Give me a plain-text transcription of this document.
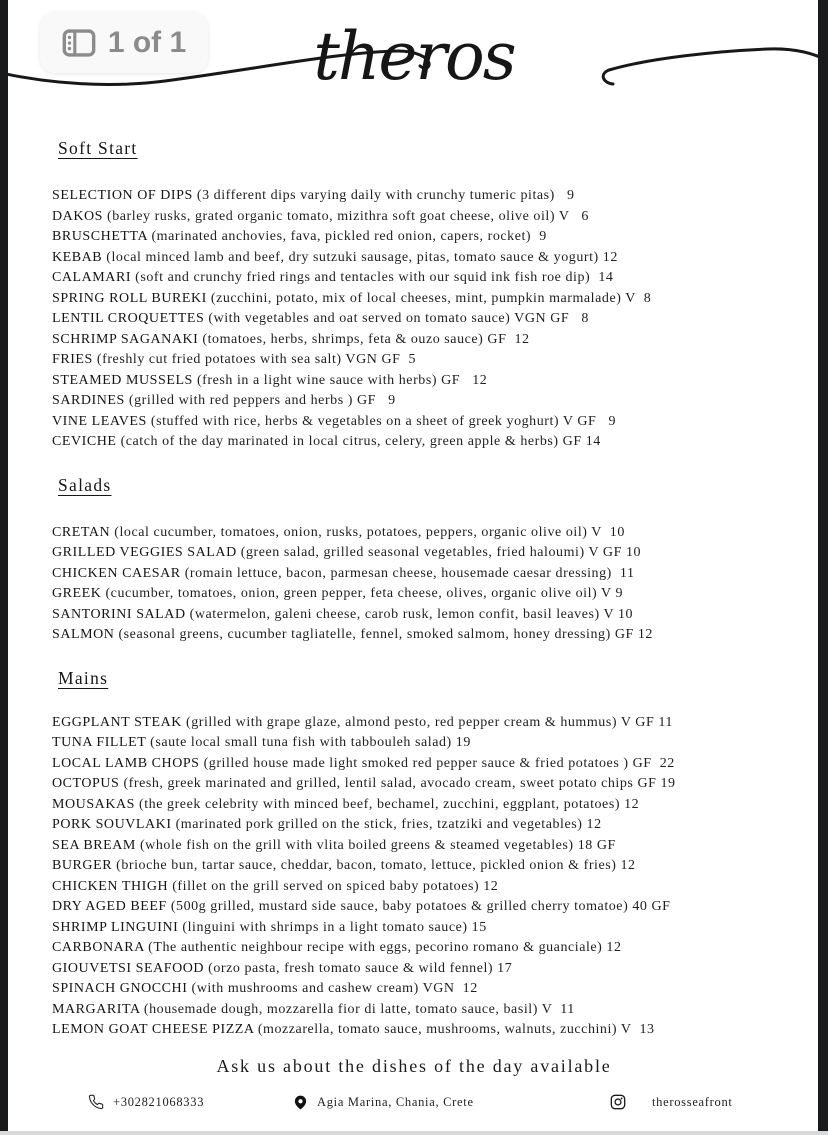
theros
1 of 1
Soft Start
SELECTION OF DIPS (3 different dips varying daily with crunchy tumeric pitas)   9
DAKOS (barley rusks, grated organic tomato, mizithra soft goat cheese, olive oil) V   6
BRUSCHETTA (marinated anchovies, fava, pickled red onion, capers, rocket)  9
KEBAB (local minced lamb and beef, dry sutzuki sausage, pitas, tomato sauce & yogurt) 12
CALAMARI (soft and crunchy fried rings and tentacles with our squid ink fish roe dip)  14
SPRING ROLL BUREKI (zucchini, potato, mix of local cheeses, mint, pumpkin marmalade) V  8
LENTIL CROQUETTES (with vegetables and oat served on tomato sauce) VGN GF   8
SCHRIMP SAGANAKI (tomatoes, herbs, shrimps, feta & ouzo sauce) GF  12
FRIES (freshly cut fried potatoes with sea salt) VGN GF  5
STEAMED MUSSELS (fresh in a light wine sauce with herbs) GF   12
SARDINES (grilled with red peppers and herbs ) GF   9
VINE LEAVES (stuffed with rice, herbs & vegetables on a sheet of greek yoghurt) V GF   9
CEVICHE (catch of the day marinated in local citrus, celery, green apple & herbs) GF 14
Salads
CRETAN (local cucumber, tomatoes, onion, rusks, potatoes, peppers, organic olive oil) V  10
GRILLED VEGGIES SALAD (green salad, grilled seasonal vegetables, fried haloumi) V GF 10
CHICKEN CAESAR (romain lettuce, bacon, parmesan cheese, housemade caesar dressing)  11
GREEK (cucumber, tomatoes, onion, green pepper, feta cheese, olives, organic olive oil) V 9
SANTORINI SALAD (watermelon, galeni cheese, carob rusk, lemon confit, basil leaves) V 10
SALMON (seasonal greens, cucumber tagliatelle, fennel, smoked salmom, honey dressing) GF 12
Mains
EGGPLANT STEAK (grilled with grape glaze, almond pesto, red pepper cream & hummus) V GF 11
TUNA FILLET (saute local small tuna fish with tabbouleh salad) 19
LOCAL LAMB CHOPS (grilled house made light smoked red pepper sauce & fried potatoes ) GF  22
OCTOPUS (fresh, greek marinated and grilled, lentil salad, avocado cream, sweet potato chips GF 19
MOUSAKAS (the greek celebrity with minced beef, bechamel, zucchini, eggplant, potatoes) 12
PORK SOUVLAKI (marinated pork grilled on the stick, fries, tzatziki and vegetables) 12
SEA BREAM (whole fish on the grill with vlita boiled greens & steamed vegetables) 18 GF
BURGER (brioche bun, tartar sauce, cheddar, bacon, tomato, lettuce, pickled onion & fries) 12
CHICKEN THIGH (fillet on the grill served on spiced baby potatoes) 12
DRY AGED BEEF (500g grilled, mustard side sauce, baby potatoes & grilled cherry tomatoe) 40 GF
SHRIMP LINGUINI (linguini with shrimps in a light tomato sauce) 15
CARBONARA (The authentic neighbour recipe with eggs, pecorino romano & guanciale) 12
GIOUVETSI SEAFOOD (orzo pasta, fresh tomato sauce & wild fennel) 17
SPINACH GNOCCHI (with mushrooms and cashew cream) VGN  12
MARGARITA (housemade dough, mozzarella fior di latte, tomato sauce, basil) V  11
LEMON GOAT CHEESE PIZZA (mozzarella, tomato sauce, mushrooms, walnuts, zucchini) V  13
Ask us about the dishes of the day available
+302821068333	Agia Marina, Chania, Crete	therosseafront
